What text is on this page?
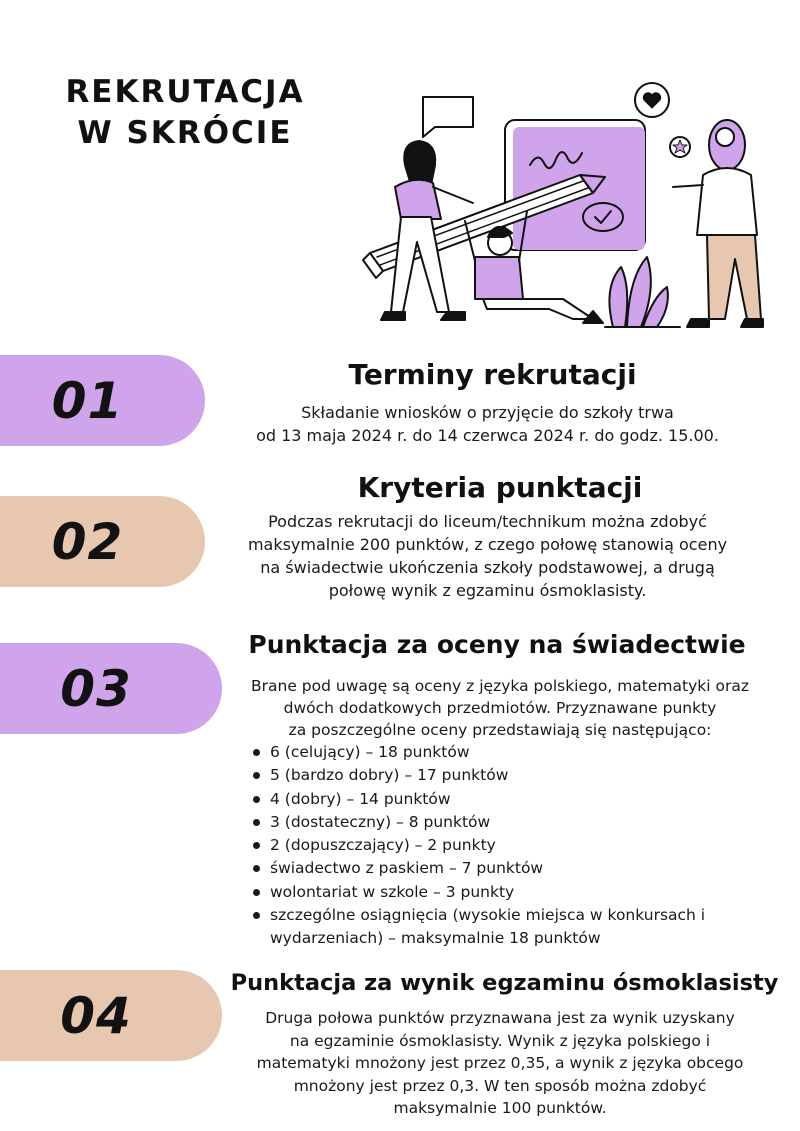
REKRUTACJA
W SKRÓCIE
01	Terminy rekrutacji
Składanie wniosków o przyjęcie do szkoły trwa
od 13 maja 2024 r. do 14 czerwca 2024 r. do godz. 15.00.
02
Kryteria punktacji
Podczas rekrutacji do liceum/technikum można zdobyć
maksymalnie 200 punktów, z czego połowę stanowią oceny
na świadectwie ukończenia szkoły podstawowej, a drugą
połowę wynik z egzaminu ósmoklasisty.
03
Punktacja za oceny na świadectwie
Brane pod uwagę są oceny z języka polskiego, matematyki oraz
dwóch dodatkowych przedmiotów. Przyznawane punkty
za poszczególne oceny przedstawiają się następująco:
6 (celujący) – 18 punktów
5 (bardzo dobry) – 17 punktów
4 (dobry) – 14 punktów
3 (dostateczny) – 8 punktów
2 (dopuszczający) – 2 punkty
świadectwo z paskiem – 7 punktów
wolontariat w szkole – 3 punkty
szczególne osiągnięcia (wysokie miejsca w konkursach i
wydarzeniach) – maksymalnie 18 punktów
04
Punktacja za wynik egzaminu ósmoklasisty
Druga połowa punktów przyznawana jest za wynik uzyskany
na egzaminie ósmoklasisty. Wynik z języka polskiego i
matematyki mnożony jest przez 0,35, a wynik z języka obcego
mnożony jest przez 0,3. W ten sposób można zdobyć
maksymalnie 100 punktów.
